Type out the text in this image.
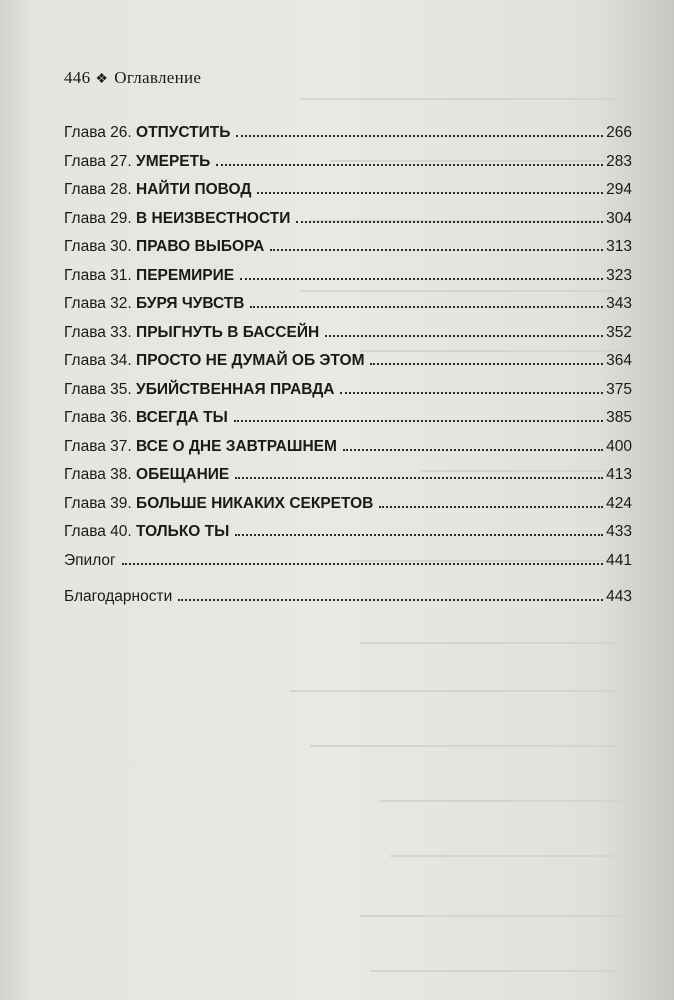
446 ❖ Оглавление
Глава 26. ОТПУСТИТЬ	266
Глава 27. УМЕРЕТЬ	283
Глава 28. НАЙТИ ПОВОД	294
Глава 29. В НЕИЗВЕСТНОСТИ	304
Глава 30. ПРАВО ВЫБОРА	313
Глава 31. ПЕРЕМИРИЕ	323
Глава 32. БУРЯ ЧУВСТВ	343
Глава 33. ПРЫГНУТЬ В БАССЕЙН	352
Глава 34. ПРОСТО НЕ ДУМАЙ ОБ ЭТОМ	364
Глава 35. УБИЙСТВЕННАЯ ПРАВДА	375
Глава 36. ВСЕГДА ТЫ	385
Глава 37. ВСЕ О ДНЕ ЗАВТРАШНЕМ	400
Глава 38. ОБЕЩАНИЕ	413
Глава 39. БОЛЬШЕ НИКАКИХ СЕКРЕТОВ	424
Глава 40. ТОЛЬКО ТЫ	433
Эпилог	441
Благодарности	443
